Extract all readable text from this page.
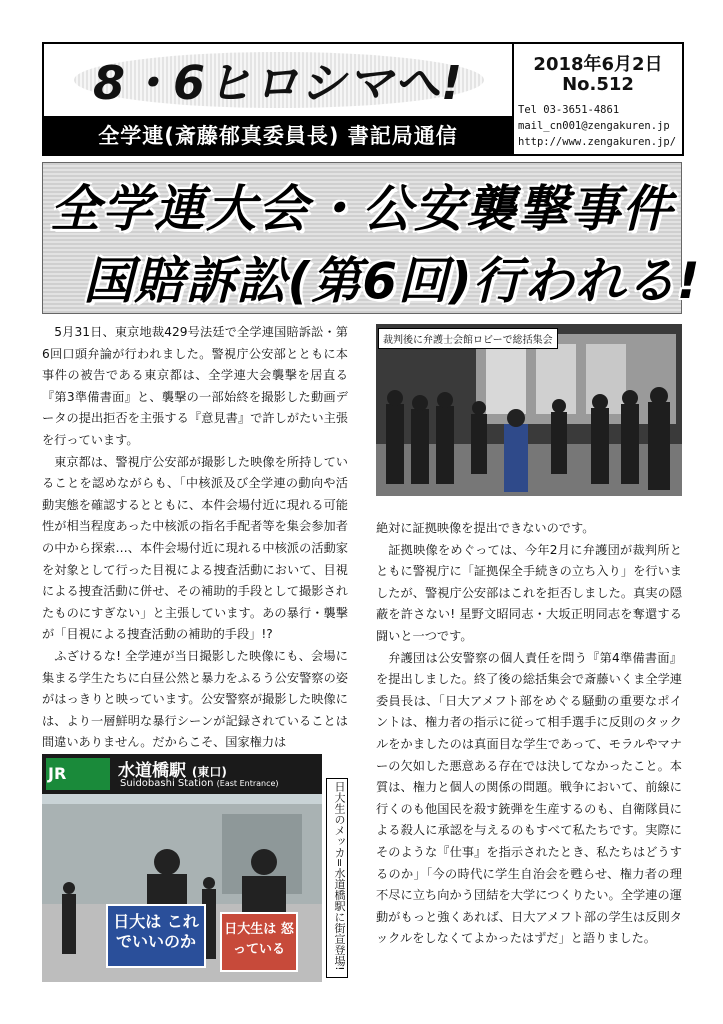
8・6ヒロシマへ!
全学連(斎藤郁真委員長) 書記局通信
2018年6月2日
No.512
Tel 03-3651-4861
mail_cn001@zengakuren.jp
http://www.zengakuren.jp/
全学連大会・公安襲撃事件
国賠訴訟(第6回)行われる!

5月31日、東京地裁429号法廷で全学連国賠訴訟・第6回口頭弁論が行われました。警視庁公安部とともに本事件の被告である東京都は、全学連大会襲撃を居直る『第3準備書面』と、襲撃の一部始終を撮影した動画データの提出拒否を主張する『意見書』で許しがたい主張を行っています。

東京都は、警視庁公安部が撮影した映像を所持していることを認めながらも、「中核派及び全学連の動向や活動実態を確認するとともに、本件会場付近に現れる可能性が相当程度あった中核派の指名手配者等を集会参加者の中から探索…、本件会場付近に現れる中核派の活動家を対象として行った目視による捜査活動において、目視による捜査活動に併せ、その補助的手段として撮影されたものにすぎない」と主張しています。あの暴行・襲撃が「目視による捜査活動の補助的手段」!?

ふざけるな! 全学連が当日撮影した映像にも、会場に集まる学生たちに白昼公然と暴力をふるう公安警察の姿がはっきりと映っています。公安警察が撮影した映像には、より一層鮮明な暴行シーンが記録されていることは間違いありません。だからこそ、国家権力は

裁判後に弁護士会館ロビーで総括集会

絶対に証拠映像を提出できないのです。

証拠映像をめぐっては、今年2月に弁護団が裁判所とともに警視庁に「証拠保全手続きの立ち入り」を行いましたが、警視庁公安部はこれを拒否しました。真実の隠蔽を許さない! 星野文昭同志・大坂正明同志を奪還する闘いと一つです。

弁護団は公安警察の個人責任を問う『第4準備書面』を提出しました。終了後の総括集会で斎藤いくま全学連委員長は、「日大アメフト部をめぐる騒動の重要なポイントは、権力者の指示に従って相手選手に反則のタックルをかましたのは真面目な学生であって、モラルやマナーの欠如した悪意ある存在では決してなかったこと。本質は、権力と個人の関係の問題。戦争において、前線に行くのも他国民を殺す銃弾を生産するのも、自衛隊員による殺人に承認を与えるのもすべて私たちです。実際にそのような『仕事』を指示されたとき、私たちはどうするのか」「今の時代に学生自治会を甦らせ、権力者の理不尽に立ち向かう団結を大学につくりたい。全学連の運動がもっと強くあれば、日大アメフト部の学生は反則タックルをしなくてよかったはずだ」と語りました。

JR	水道橋駅 (東口)
Suidobashi Station (East Entrance)
日大は これでいいのか
日大生は 怒っている	日大生のメッカ=水道橋駅に街宣登場!
